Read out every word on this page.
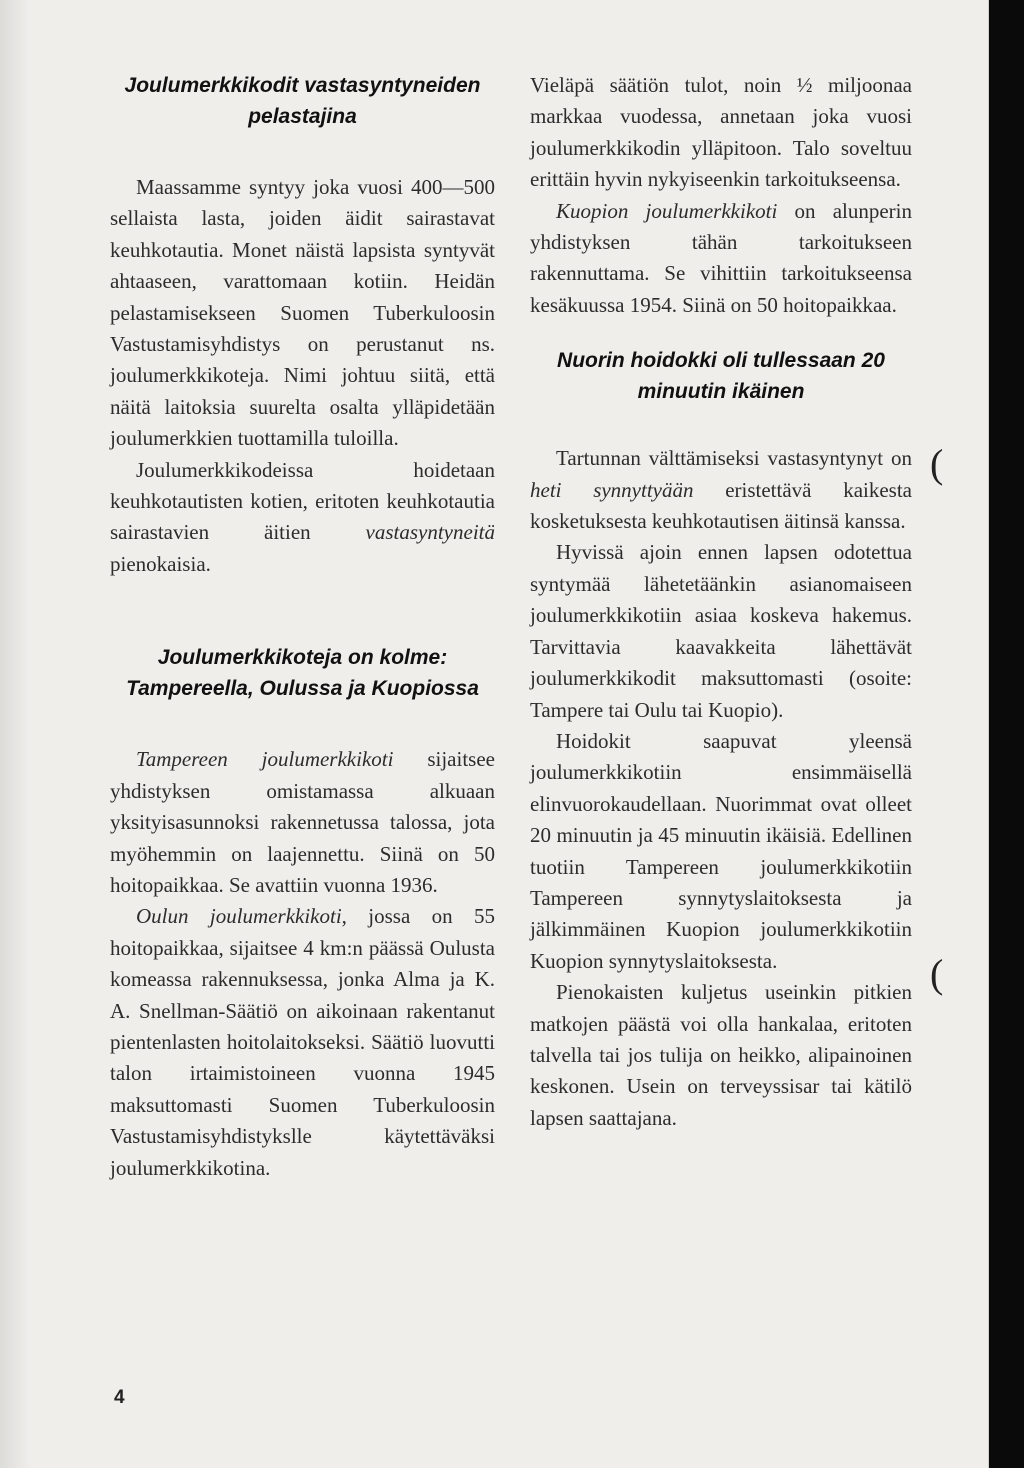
Joulumerkkikodit vastasyntyneiden pelastajina

Maassamme syntyy joka vuosi 400—500 sellaista lasta, joiden äidit sairastavat keuhkotautia. Monet näistä lapsista syntyvät ahtaaseen, varattomaan kotiin. Heidän pelastamisekseen Suomen Tuberkuloosin Vastustamisyhdistys on perustanut ns. joulumerkkikoteja. Nimi johtuu siitä, että näitä laitoksia suurelta osalta ylläpidetään joulumerkkien tuottamilla tuloilla.

Joulumerkkikodeissa hoidetaan keuhkotautisten kotien, eritoten keuhkotautia sairastavien äitien vastasyntyneitä pienokaisia.

Joulumerkkikoteja on kolme: Tampereella, Oulussa ja Kuopiossa

Tampereen joulumerkkikoti sijaitsee yhdistyksen omistamassa alkuaan yksityisasunnoksi rakennetussa talossa, jota myöhemmin on laajennettu. Siinä on 50 hoitopaikkaa. Se avattiin vuonna 1936.

Oulun joulumerkkikoti, jossa on 55 hoitopaikkaa, sijaitsee 4 km:n päässä Oulusta komeassa rakennuksessa, jonka Alma ja K. A. Snellman-Säätiö on aikoinaan rakentanut pientenlasten hoitolaitokseksi. Säätiö luovutti talon irtaimistoineen vuonna 1945 maksuttomasti Suomen Tuberkuloosin Vastustamisyhdistykslle käytettäväksi joulumerkkikotina.

Vieläpä säätiön tulot, noin ½ miljoonaa markkaa vuodessa, annetaan joka vuosi joulumerkkikodin ylläpitoon. Talo soveltuu erittäin hyvin nykyiseenkin tarkoitukseensa.

Kuopion joulumerkkikoti on alunperin yhdistyksen tähän tarkoitukseen rakennuttama. Se vihittiin tarkoitukseensa kesäkuussa 1954. Siinä on 50 hoitopaikkaa.

Nuorin hoidokki oli tullessaan 20 minuutin ikäinen

Tartunnan välttämiseksi vastasyntynyt on heti synnyttyään eristettävä kaikesta kosketuksesta keuhkotautisen äitinsä kanssa.

Hyvissä ajoin ennen lapsen odotettua syntymää lähetetäänkin asianomaiseen joulumerkkikotiin asiaa koskeva hakemus. Tarvittavia kaavakkeita lähettävät joulumerkkikodit maksuttomasti (osoite: Tampere tai Oulu tai Kuopio).

Hoidokit saapuvat yleensä joulumerkkikotiin ensimmäisellä elinvuorokaudellaan. Nuorimmat ovat olleet 20 minuutin ja 45 minuutin ikäisiä. Edellinen tuotiin Tampereen joulumerkkikotiin Tampereen synnytyslaitoksesta ja jälkimmäinen Kuopion joulumerkkikotiin Kuopion synnytyslaitoksesta.

Pienokaisten kuljetus useinkin pitkien matkojen päästä voi olla hankalaa, eritoten talvella tai jos tulija on heikko, alipainoinen keskonen. Usein on terveyssisar tai kätilö lapsen saattajana.

4
(
(
